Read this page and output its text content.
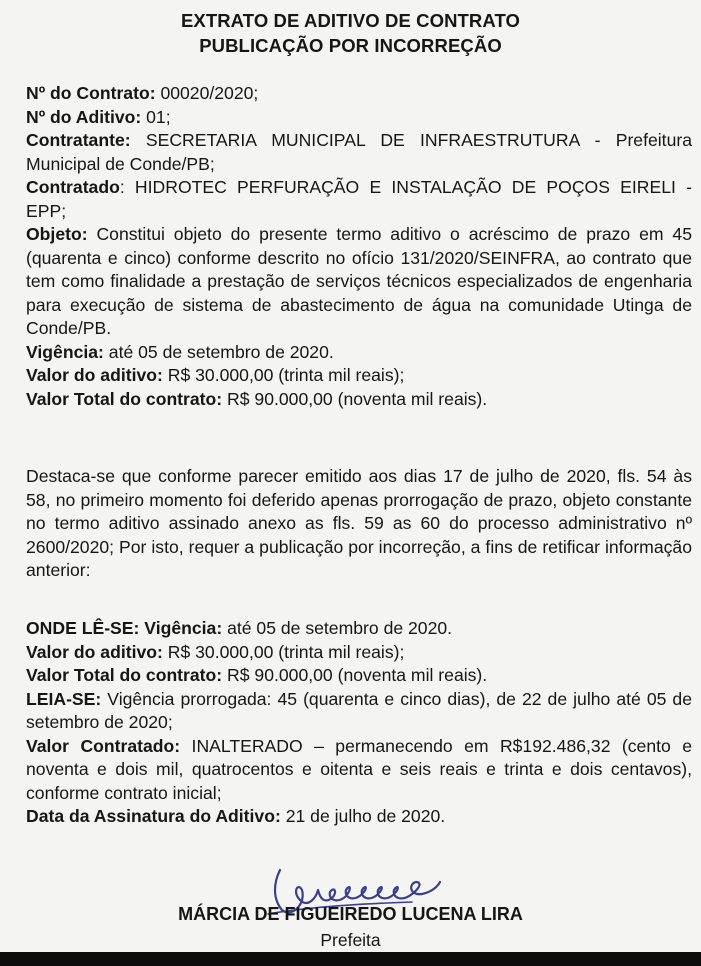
EXTRATO DE ADITIVO DE CONTRATO
PUBLICAÇÃO POR INCORREÇÃO

Nº do Contrato: 00020/2020;

Nº do Aditivo: 01;

Contratante: SECRETARIA MUNICIPAL DE INFRAESTRUTURA - Prefeitura Municipal de Conde/PB;

Contratado: HIDROTEC PERFURAÇÃO E INSTALAÇÃO DE POÇOS EIRELI - EPP;

Objeto: Constitui objeto do presente termo aditivo o acréscimo de prazo em 45 (quarenta e cinco) conforme descrito no ofício 131/2020/SEINFRA, ao contrato que tem como finalidade a prestação de serviços técnicos especializados de engenharia para execução de sistema de abastecimento de água na comunidade Utinga de Conde/PB.

Vigência: até 05 de setembro de 2020.

Valor do aditivo: R$ 30.000,00 (trinta mil reais);

Valor Total do contrato: R$ 90.000,00 (noventa mil reais).

Destaca-se que conforme parecer emitido aos dias 17 de julho de 2020, fls. 54 às 58, no primeiro momento foi deferido apenas prorrogação de prazo, objeto constante no termo aditivo assinado anexo as fls. 59 as 60 do processo administrativo nº 2600/2020; Por isto, requer a publicação por incorreção, a fins de retificar informação anterior:

ONDE LÊ-SE: Vigência: até 05 de setembro de 2020.

Valor do aditivo: R$ 30.000,00 (trinta mil reais);

Valor Total do contrato: R$ 90.000,00 (noventa mil reais).

LEIA-SE: Vigência prorrogada: 45 (quarenta e cinco dias), de 22 de julho até 05 de setembro de 2020;

Valor Contratado: INALTERADO – permanecendo em R$192.486,32 (cento e noventa e dois mil, quatrocentos e oitenta e seis reais e trinta e dois centavos), conforme contrato inicial;

Data da Assinatura do Aditivo: 21 de julho de 2020.

MÁRCIA DE FIGUEIREDO LUCENA LIRA
Prefeita
